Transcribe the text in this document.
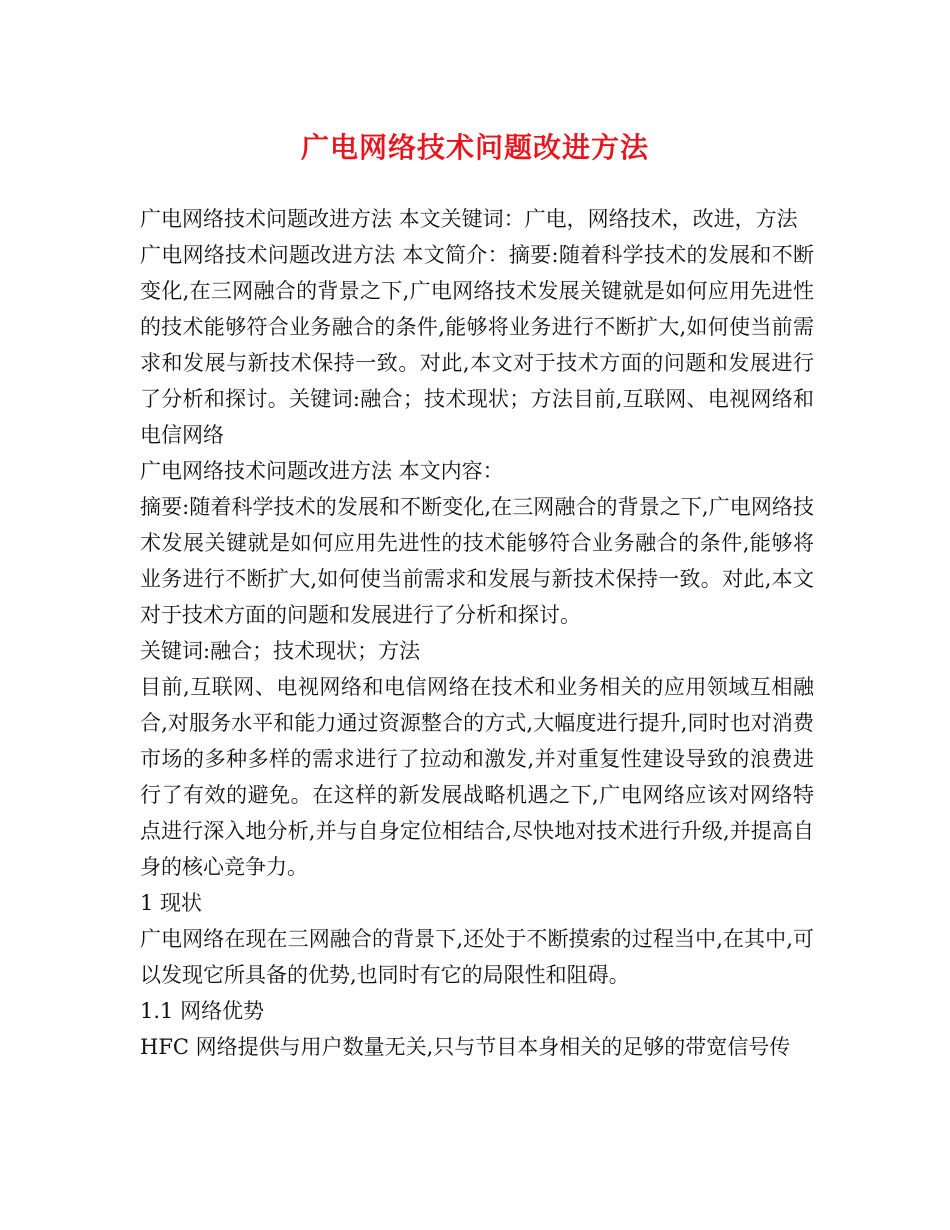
广电网络技术问题改进方法

广电网络技术问题改进方法 本文关键词：广电，网络技术，改进，方法

广电网络技术问题改进方法 本文简介：摘要:随着科学技术的发展和不断变化,在三网融合的背景之下,广电网络技术发展关键就是如何应用先进性的技术能够符合业务融合的条件,能够将业务进行不断扩大,如何使当前需求和发展与新技术保持一致。对此,本文对于技术方面的问题和发展进行了分析和探讨。关键词:融合；技术现状；方法目前,互联网、电视网络和电信网络

广电网络技术问题改进方法 本文内容：

摘要:随着科学技术的发展和不断变化,在三网融合的背景之下,广电网络技术发展关键就是如何应用先进性的技术能够符合业务融合的条件,能够将业务进行不断扩大,如何使当前需求和发展与新技术保持一致。对此,本文对于技术方面的问题和发展进行了分析和探讨。

关键词:融合；技术现状；方法

目前,互联网、电视网络和电信网络在技术和业务相关的应用领域互相融合,对服务水平和能力通过资源整合的方式,大幅度进行提升,同时也对消费市场的多种多样的需求进行了拉动和激发,并对重复性建设导致的浪费进行了有效的避免。在这样的新发展战略机遇之下,广电网络应该对网络特点进行深入地分析,并与自身定位相结合,尽快地对技术进行升级,并提高自身的核心竞争力。

1 现状

广电网络在现在三网融合的背景下,还处于不断摸索的过程当中,在其中,可以发现它所具备的优势,也同时有它的局限性和阻碍。

1.1 网络优势

HFC 网络提供与用户数量无关,只与节目本身相关的足够的带宽信号传
